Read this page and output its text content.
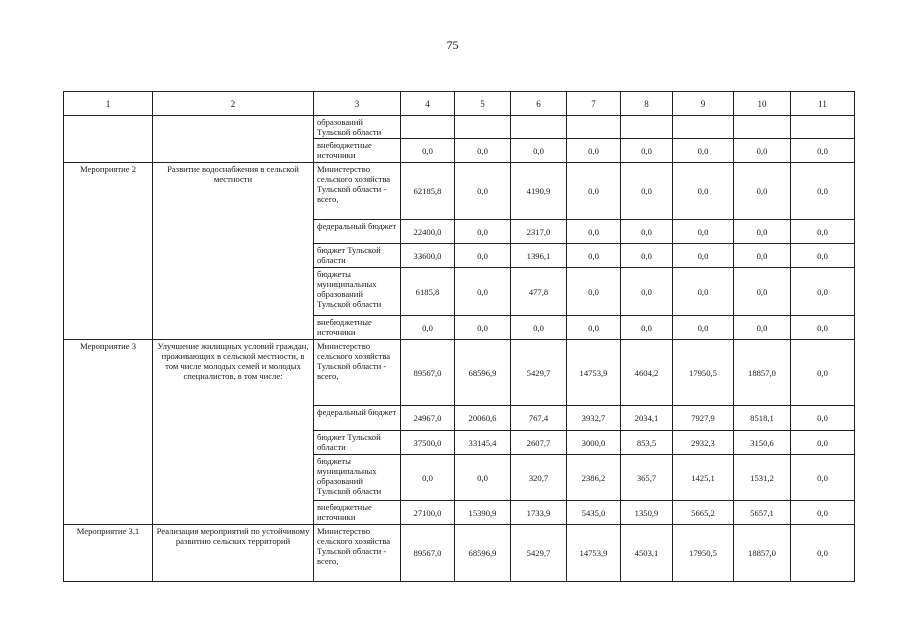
75
1	2	3	4	5	6	7	8	9	10	11
		образований Тульской области								
		внебюджетные источники	0,0	0,0	0,0	0,0	0,0	0,0	0,0	0,0
Мероприятие 2	Развитие водоснабжения в сельской местности	Министерство сельского хозяйства Тульской области - всего,	62185,8	0,0	4190,9	0,0	0,0	0,0	0,0	0,0
		федеральный бюджет	22400,0	0,0	2317,0	0,0	0,0	0,0	0,0	0,0
		бюджет Тульской области	33600,0	0,0	1396,1	0,0	0,0	0,0	0,0	0,0
		бюджеты муниципальных образований Тульской области	6185,8	0,0	477,8	0,0	0,0	0,0	0,0	0,0
		внебюджетные источники	0,0	0,0	0,0	0,0	0,0	0,0	0,0	0,0
Мероприятие 3	Улучшение жилищных условий граждан, проживающих в сельской местности, в том числе молодых семей и молодых специалистов, в том числе:	Министерство сельского хозяйства Тульской области - всего,	89567,0	68596,9	5429,7	14753,9	4604,2	17950,5	18857,0	0,0
		федеральный бюджет	24967,0	20060,6	767,4	3932,7	2034,1	7927,9	8518,1	0,0
		бюджет Тульской области	37500,0	33145,4	2607,7	3000,0	853,5	2932,3	3150,6	0,0
		бюджеты муниципальных образований Тульской области	0,0	0,0	320,7	2386,2	365,7	1425,1	1531,2	0,0
		внебюджетные источники	27100,0	15390,9	1733,9	5435,0	1350,9	5665,2	5657,1	0,0
Мероприятие 3.1	Реализация мероприятий по устойчивому развитию сельских территорий	Министерство сельского хозяйства Тульской области - всего,	89567,0	68596,9	5429,7	14753,9	4503,1	17950,5	18857,0	0,0
